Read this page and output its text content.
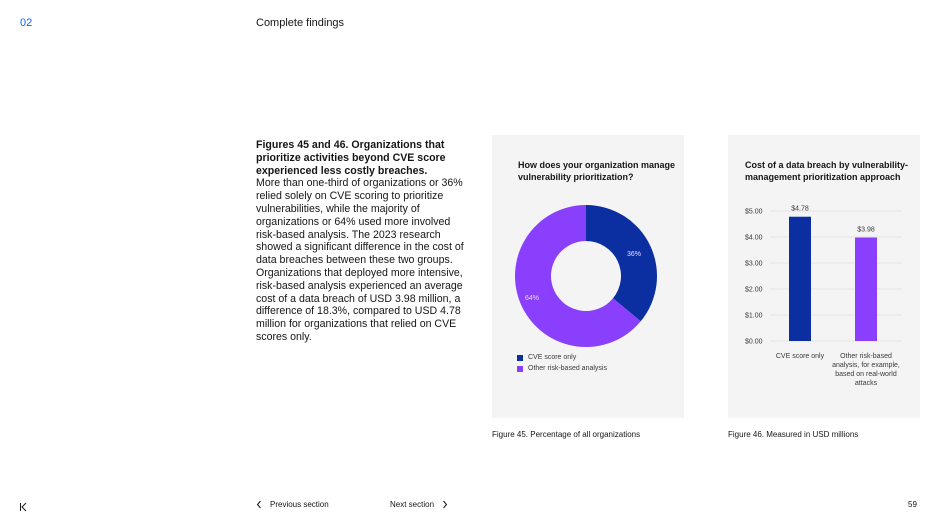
02	Complete findings
Figures 45 and 46. Organizations that prioritize activities beyond CVE score experienced less costly breaches.
More than one-third of organizations or 36% relied solely on CVE scoring to prioritize vulnerabilities, while the majority of organizations or 64% used more involved risk-based analysis. The 2023 research showed a significant difference in the cost of data breaches between these two groups. Organizations that deployed more intensive, risk-based analysis experienced an average cost of a data breach of USD 3.98 million, a difference of 18.3%, compared to USD 4.78 million for organizations that relied on CVE scores only.
How does your organization manage vulnerability prioritization?
36%
64%
CVE score only
Other risk-based analysis
Cost of a data breach by vulnerability-management prioritization approach
$0.00
$1.00
$2.00
$3.00
$4.00
$5.00	$4.78
$3.98
CVE score only Other risk-based
analysis, for example,
based on real-world
attacks
Figure 45. Percentage of all organizations	Figure 46. Measured in USD millions
Previous section	Next section	59
